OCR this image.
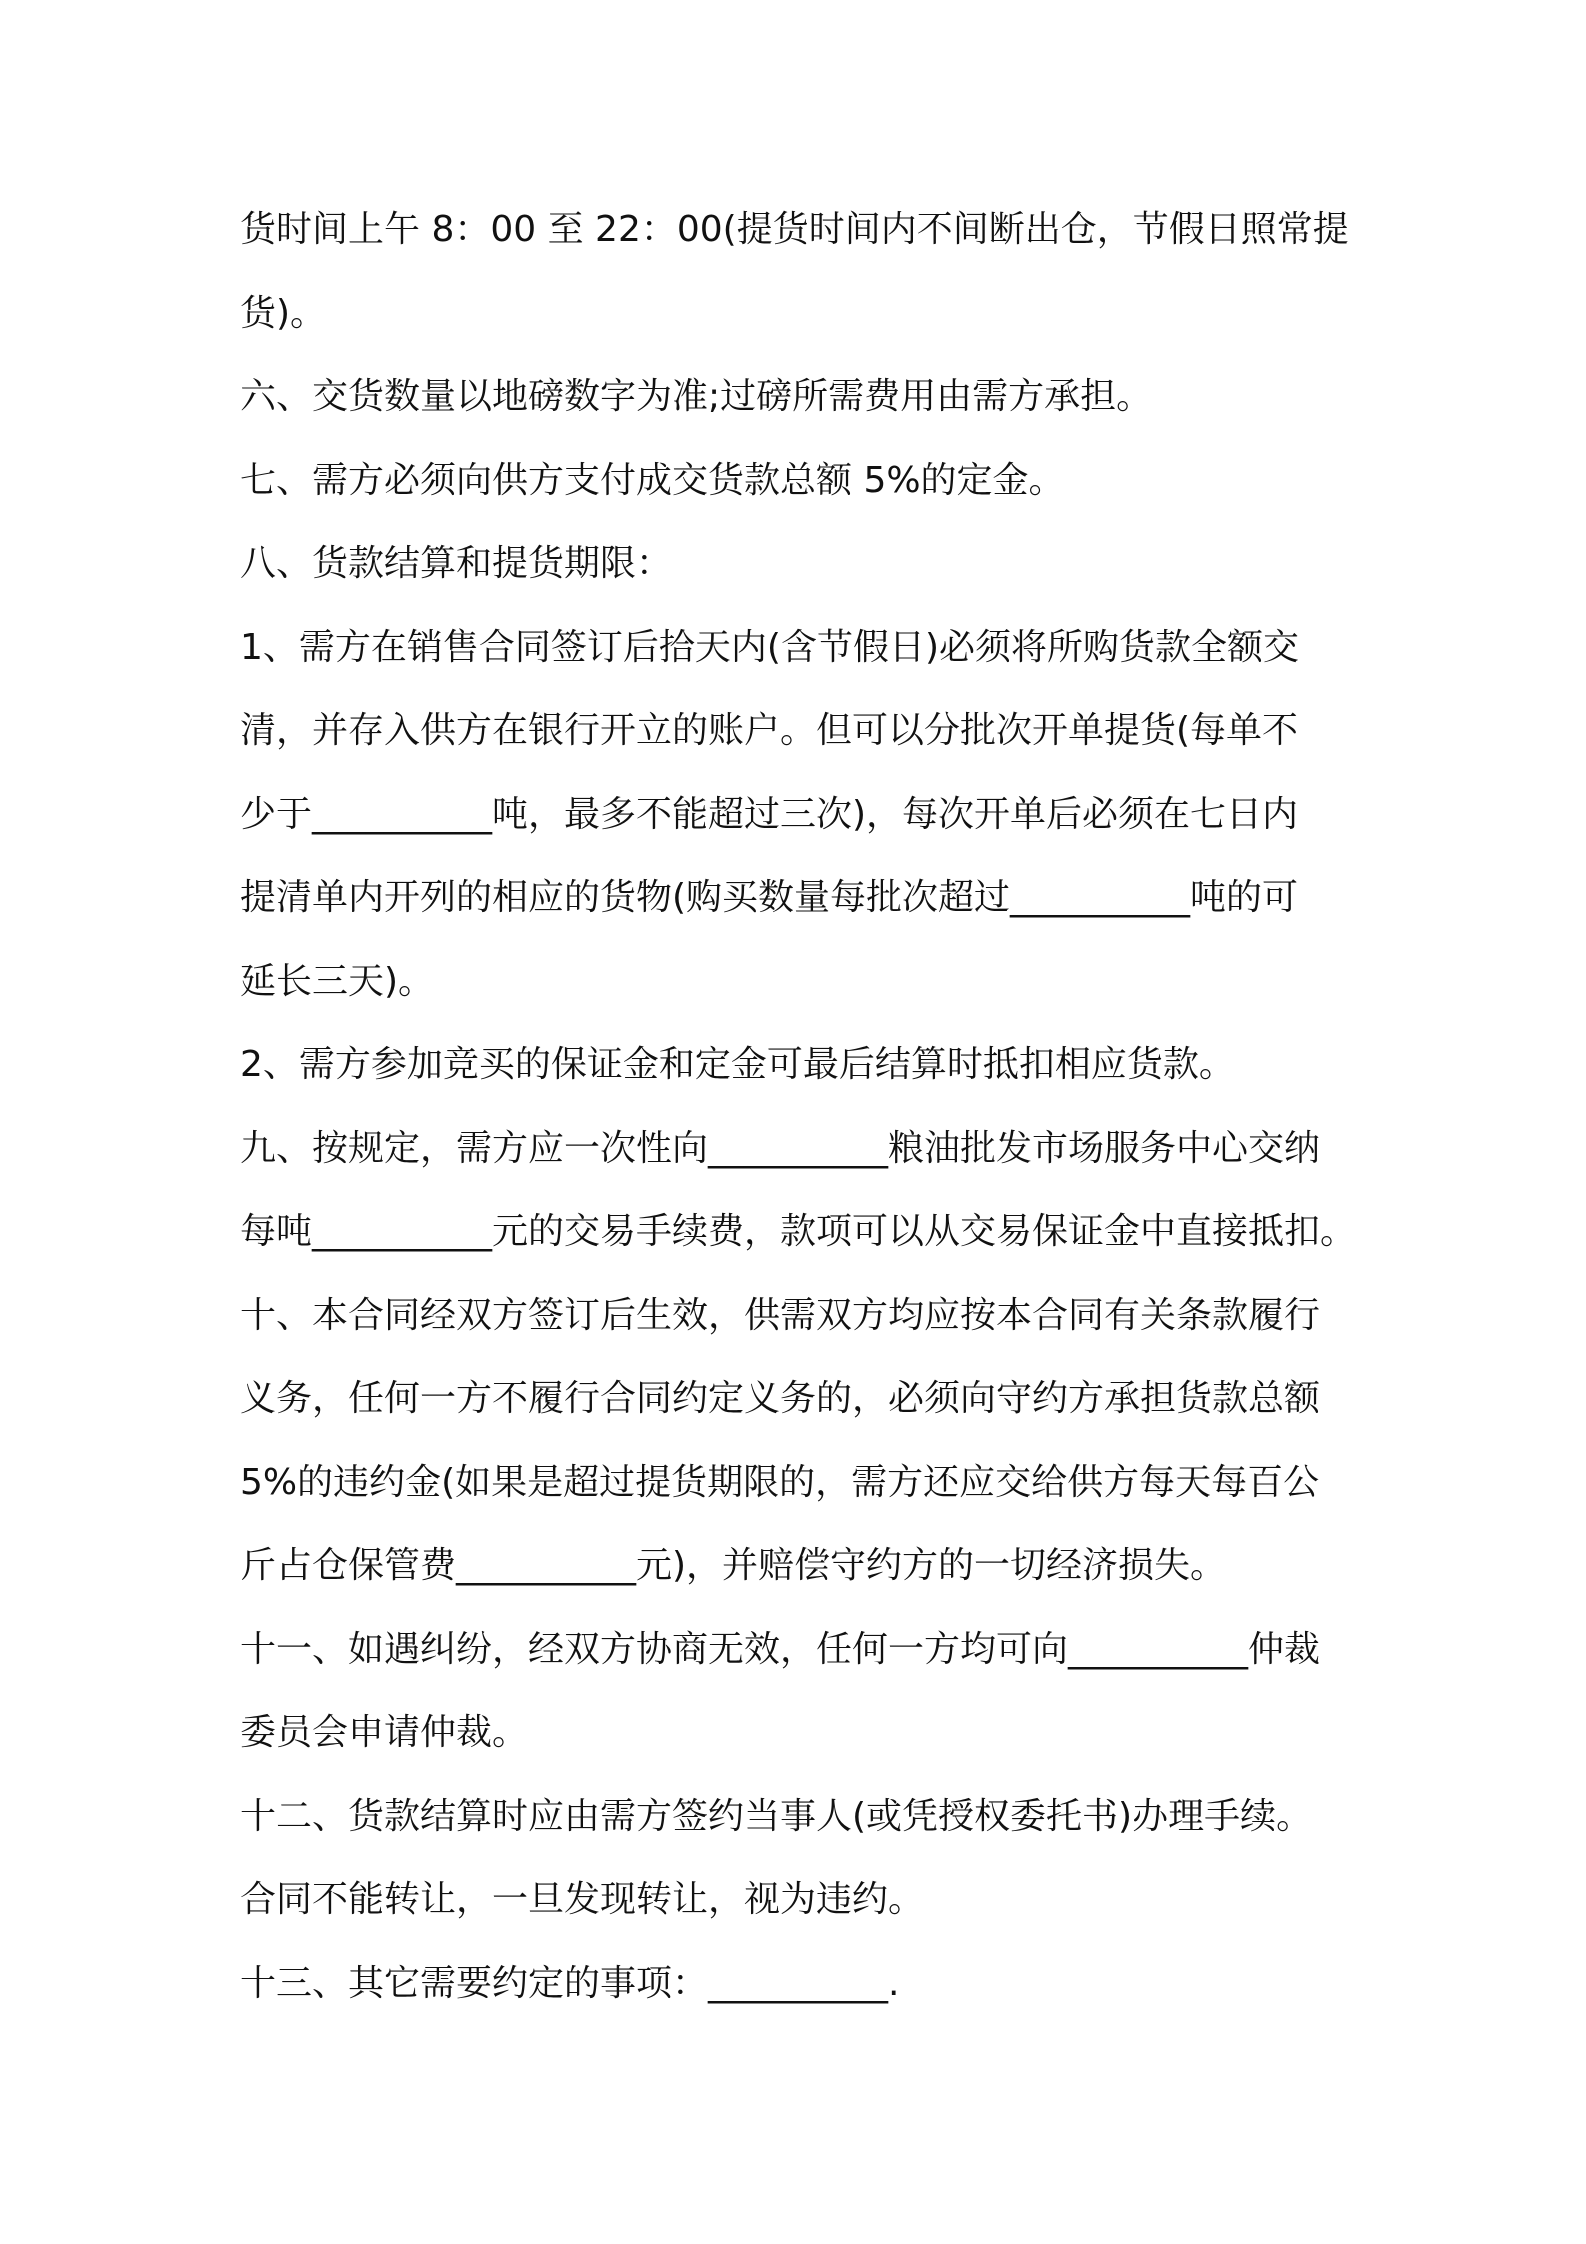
货时间上午 8：00 至 22：00(提货时间内不间断出仓，节假日照常提

货)。

六、交货数量以地磅数字为准;过磅所需费用由需方承担。

七、需方必须向供方支付成交货款总额 5%的定金。

八、货款结算和提货期限：

1、需方在销售合同签订后拾天内(含节假日)必须将所购货款全额交

清，并存入供方在银行开立的账户。但可以分批次开单提货(每单不

少于__________吨，最多不能超过三次)，每次开单后必须在七日内

提清单内开列的相应的货物(购买数量每批次超过__________吨的可

延长三天)。

2、需方参加竞买的保证金和定金可最后结算时抵扣相应货款。

九、按规定，需方应一次性向__________粮油批发市场服务中心交纳

每吨__________元的交易手续费，款项可以从交易保证金中直接抵扣。

十、本合同经双方签订后生效，供需双方均应按本合同有关条款履行

义务，任何一方不履行合同约定义务的，必须向守约方承担货款总额

5%的违约金(如果是超过提货期限的，需方还应交给供方每天每百公

斤占仓保管费__________元)，并赔偿守约方的一切经济损失。

十一、如遇纠纷，经双方协商无效，任何一方均可向__________仲裁

委员会申请仲裁。

十二、货款结算时应由需方签约当事人(或凭授权委托书)办理手续。

合同不能转让，一旦发现转让，视为违约。

十三、其它需要约定的事项：__________.
